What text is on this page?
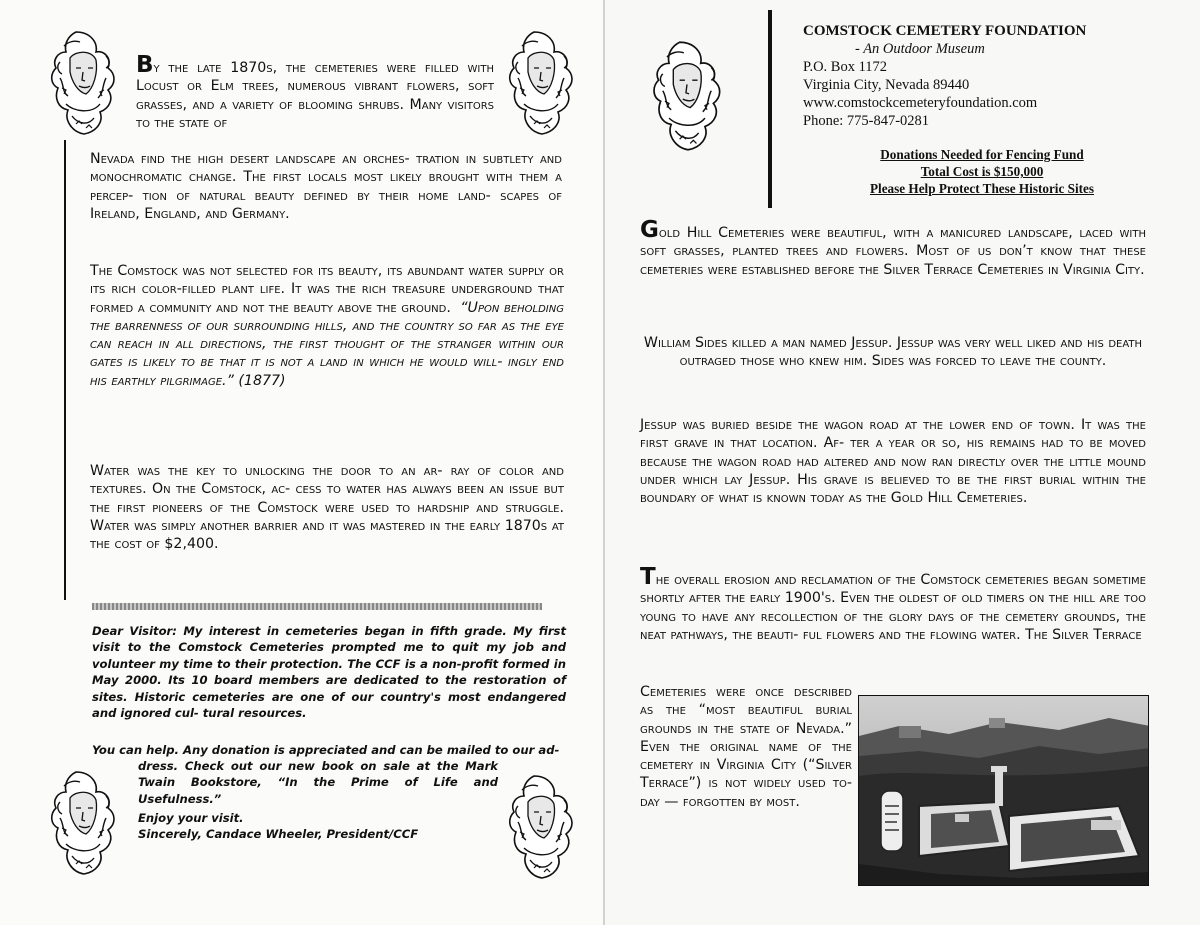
By the late 1870s, the cemeteries were filled with Locust or Elm trees, numerous vibrant flowers, soft grasses, and a variety of blooming shrubs. Many visitors to the state of
Nevada find the high desert landscape an orches- tration in subtlety and monochromatic change. The first locals most likely brought with them a percep- tion of natural beauty defined by their home land- scapes of Ireland, England, and Germany.
The Comstock was not selected for its beauty, its abundant water supply or its rich color-filled plant life. It was the rich treasure underground that formed a community and not the beauty above the ground. “Upon beholding the barrenness of our surrounding hills, and the country so far as the eye can reach in all directions, the first thought of the stranger within our gates is likely to be that it is not a land in which he would will- ingly end his earthly pilgrimage.” (1877)
Water was the key to unlocking the door to an ar- ray of color and textures. On the Comstock, ac- cess to water has always been an issue but the first pioneers of the Comstock were used to hardship and struggle. Water was simply another barrier and it was mastered in the early 1870s at the cost of $2,400.
Dear Visitor: My interest in cemeteries began in fifth grade. My first visit to the Comstock Cemeteries prompted me to quit my job and volunteer my time to their protection. The CCF is a non-profit formed in May 2000. Its 10 board members are dedicated to the restoration of sites. Historic cemeteries are one of our country's most endangered and ignored cul- tural resources.
You can help. Any donation is appreciated and can be mailed to our ad-
dress. Check out our new book on sale at the Mark Twain Bookstore, “In the Prime of Life and Usefulness.”
Enjoy your visit.
Sincerely, Candace Wheeler, President/CCF
COMSTOCK CEMETERY FOUNDATION
- An Outdoor Museum
P.O. Box 1172
Virginia City, Nevada 89440
www.comstockcemeteryfoundation.com
Phone: 775-847-0281
Donations Needed for Fencing Fund
Total Cost is $150,000
Please Help Protect These Historic Sites
Gold Hill Cemeteries were beautiful, with a manicured landscape, laced with soft grasses, planted trees and flowers. Most of us don’t know that these cemeteries were established before the Silver Terrace Cemeteries in Virginia City.
William Sides killed a man named Jessup. Jessup was very well liked and his death outraged those who knew him. Sides was forced to leave the county.
Jessup was buried beside the wagon road at the lower end of town. It was the first grave in that location. Af- ter a year or so, his remains had to be moved because the wagon road had altered and now ran directly over the little mound under which lay Jessup. His grave is believed to be the first burial within the boundary of what is known today as the Gold Hill Cemeteries.
The overall erosion and reclamation of the Comstock cemeteries began sometime shortly after the early 1900's. Even the oldest of old timers on the hill are too young to have any recollection of the glory days of the cemetery grounds, the neat pathways, the beauti- ful flowers and the flowing water. The Silver Terrace
Cemeteries were once described as the “most beautiful burial grounds in the state of Nevada.” Even the original name of the cemetery in Virginia City (“Silver Terrace”) is not widely used to- day — forgotten by most.
